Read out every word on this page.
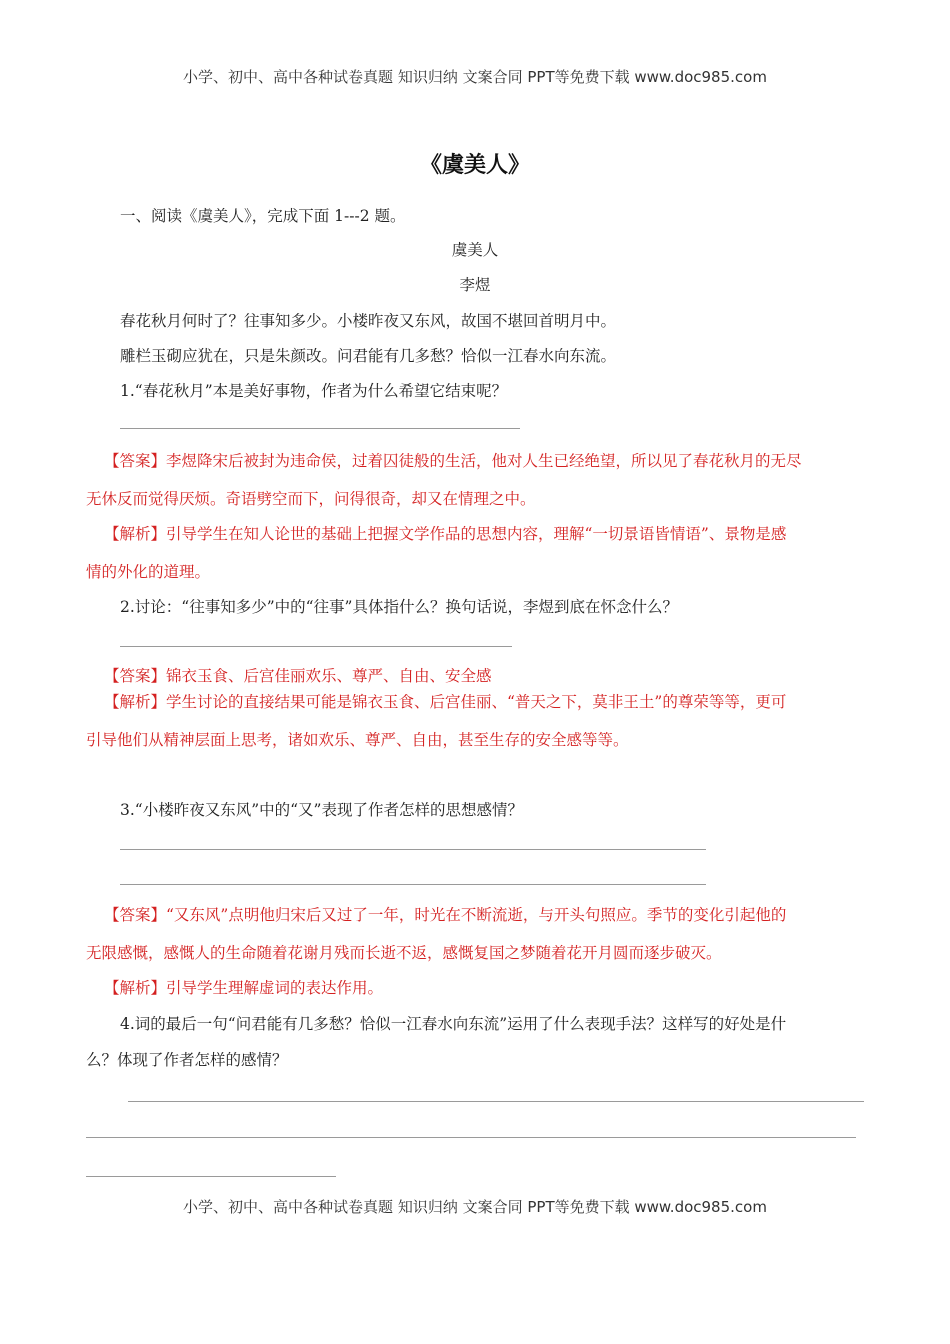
小学、初中、高中各种试卷真题 知识归纳 文案合同 PPT等免费下载 www.doc985.com
《虞美人》
一、阅读《虞美人》，完成下面 1---2 题。
虞美人
李煜
春花秋月何时了？往事知多少。小楼昨夜又东风，故国不堪回首明月中。
雕栏玉砌应犹在，只是朱颜改。问君能有几多愁？恰似一江春水向东流。
1.“春花秋月”本是美好事物，作者为什么希望它结束呢？
【答案】李煜降宋后被封为违命侯，过着囚徒般的生活，他对人生已经绝望，所以见了春花秋月的无尽
无休反而觉得厌烦。奇语劈空而下，问得很奇，却又在情理之中。
【解析】引导学生在知人论世的基础上把握文学作品的思想内容，理解“一切景语皆情语”、景物是感
情的外化的道理。
2.讨论：“往事知多少”中的“往事”具体指什么？换句话说，李煜到底在怀念什么？
【答案】锦衣玉食、后宫佳丽欢乐、尊严、自由、安全感
【解析】学生讨论的直接结果可能是锦衣玉食、后宫佳丽、“普天之下，莫非王土”的尊荣等等，更可
引导他们从精神层面上思考，诸如欢乐、尊严、自由，甚至生存的安全感等等。
3.“小楼昨夜又东风”中的“又”表现了作者怎样的思想感情？
【答案】“又东风”点明他归宋后又过了一年，时光在不断流逝，与开头句照应。季节的变化引起他的
无限感慨，感慨人的生命随着花谢月残而长逝不返，感慨复国之梦随着花开月圆而逐步破灭。
【解析】引导学生理解虚词的表达作用。
4.词的最后一句“问君能有几多愁？恰似一江春水向东流”运用了什么表现手法？这样写的好处是什
么？体现了作者怎样的感情？
小学、初中、高中各种试卷真题 知识归纳 文案合同 PPT等免费下载 www.doc985.com
